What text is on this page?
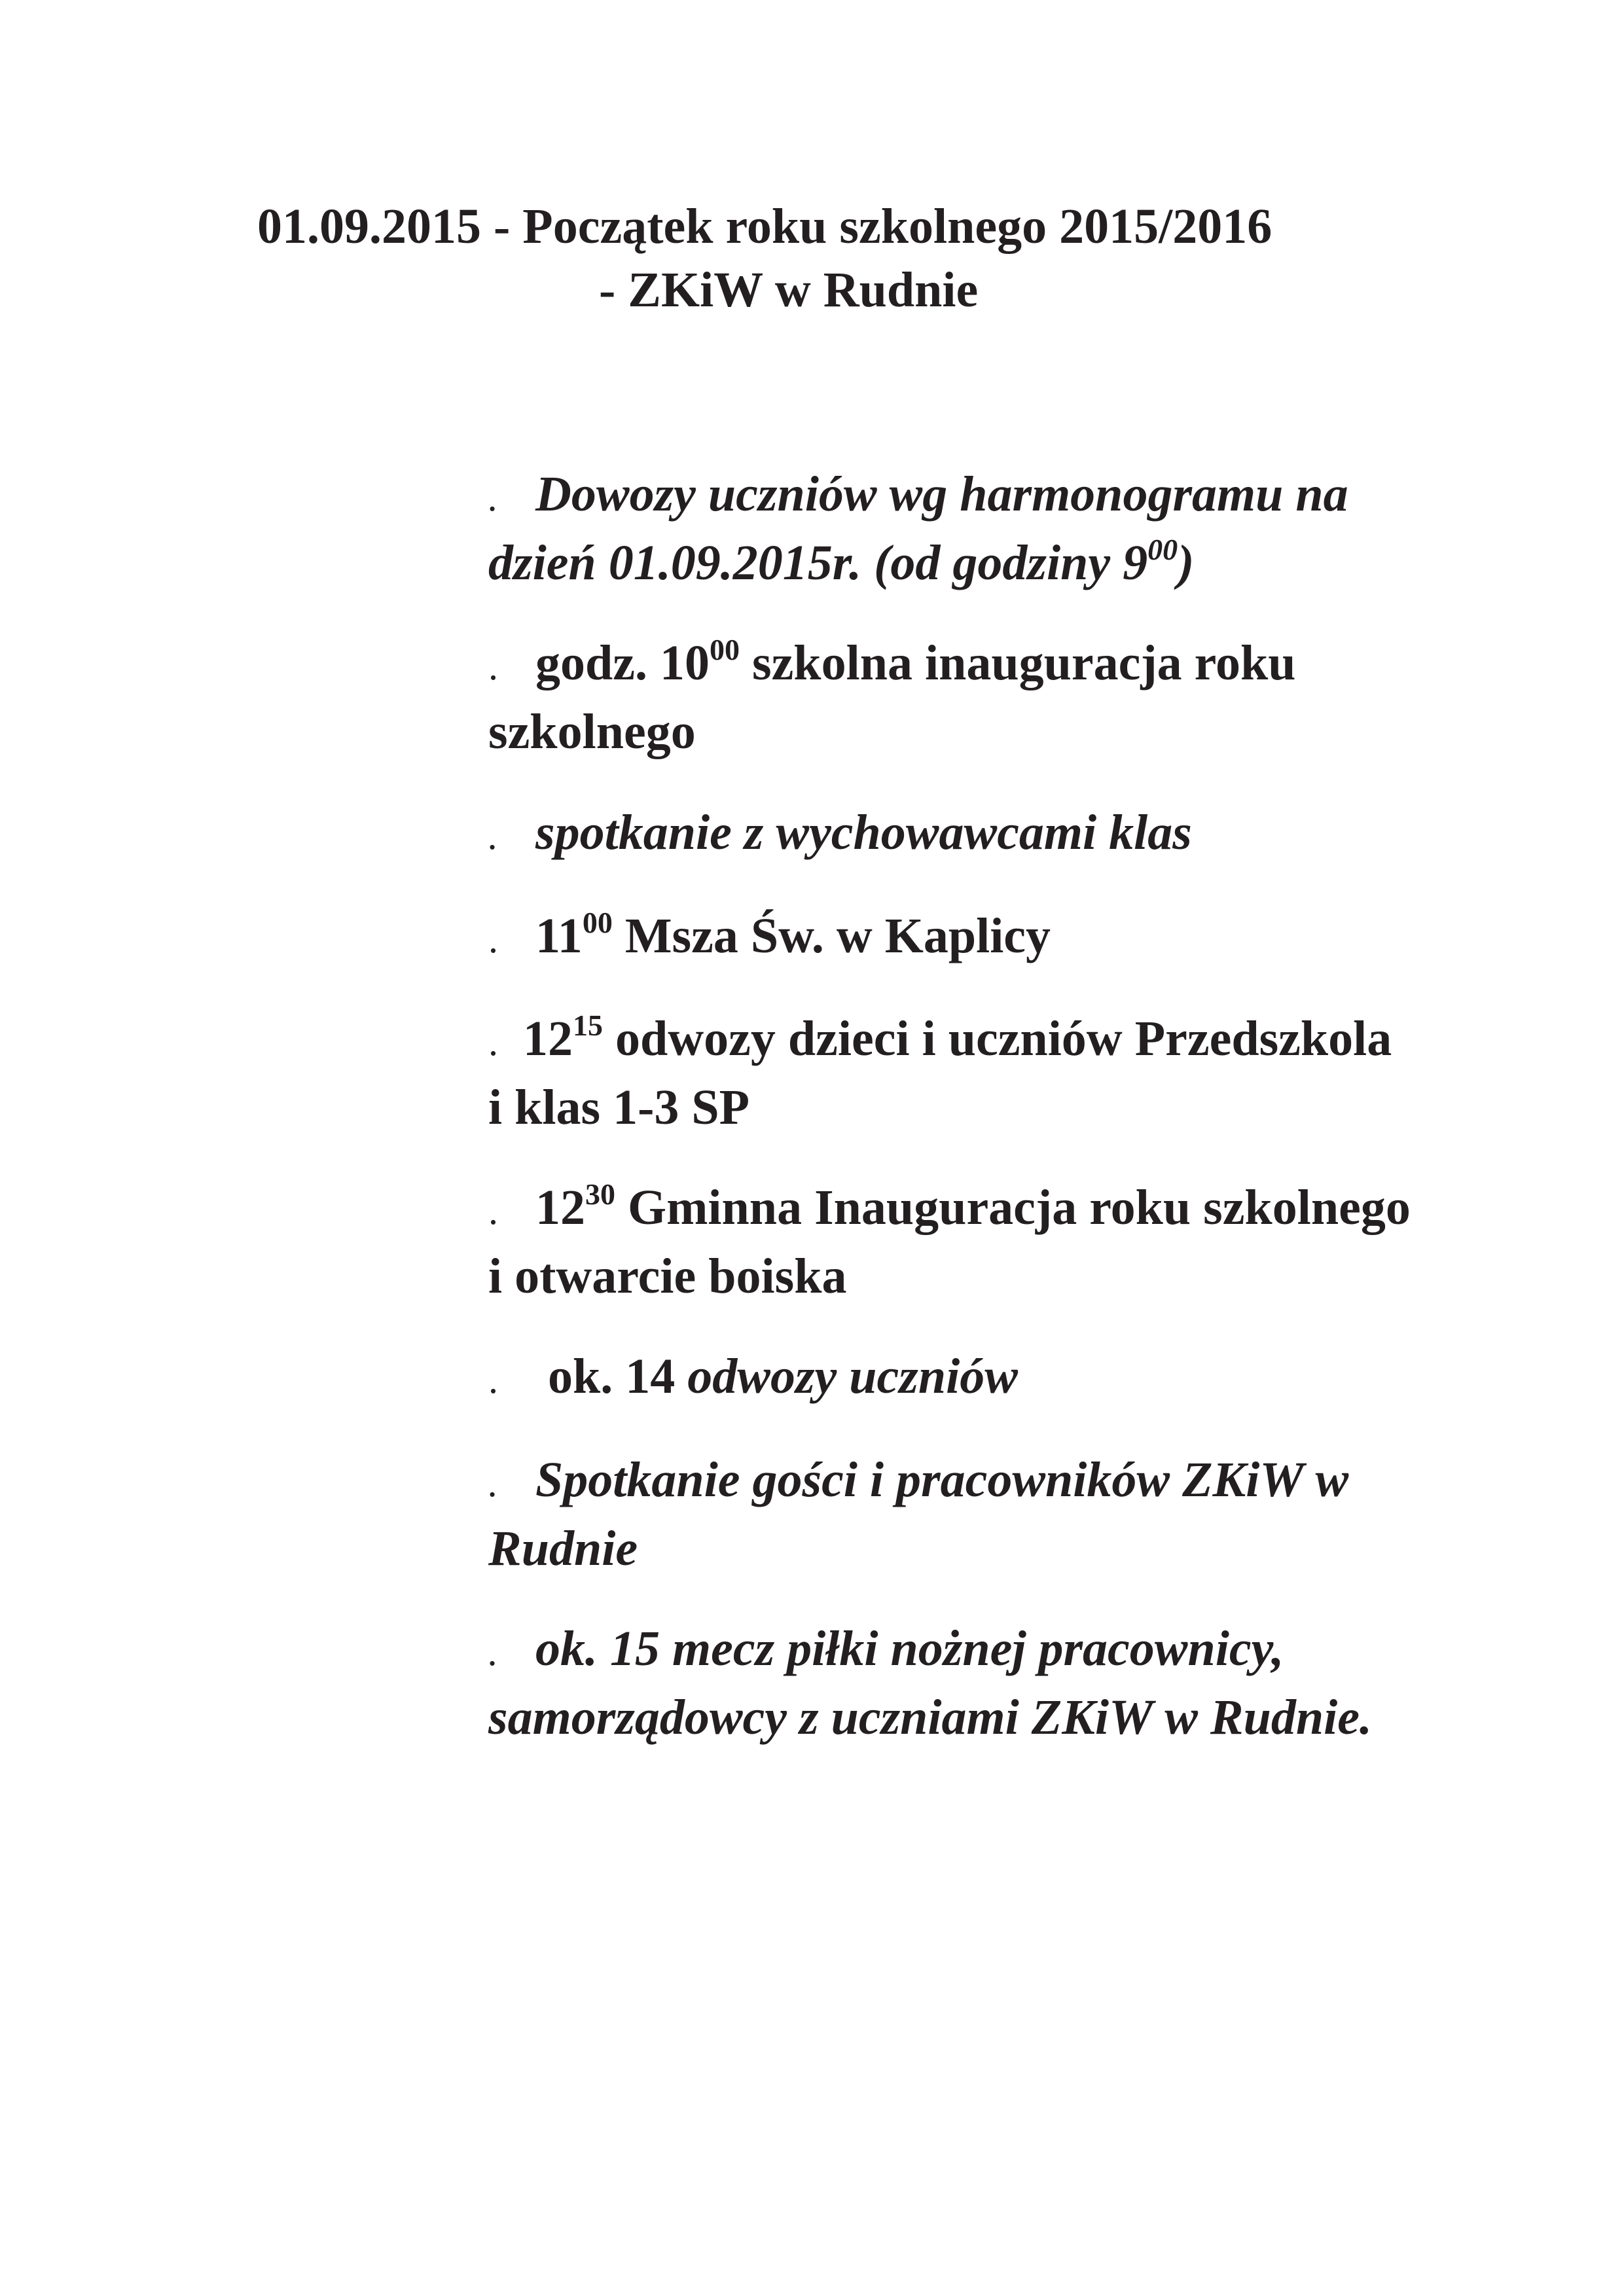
01.09.2015 - Początek roku szkolnego 2015/2016
- ZKiW w Rudnie

. Dowozy uczniów wg harmonogramu na dzień 01.09.2015r. (od godziny $9^{00}$)

. godz. $10^{00}$ szkolna inauguracja roku szkolnego

. spotkanie z wychowawcami klas

. $11^{00}$ Msza Św. w Kaplicy

. $12^{15}$ odwozy dzieci i uczniów Przedszkola i klas 1-3 SP

. $12^{30}$ Gminna Inauguracja roku szkolnego i otwarcie boiska

. ok. 14 odwozy uczniów

. Spotkanie gości i pracowników ZKiW w Rudnie

. ok. 15 mecz piłki nożnej pracownicy, samorządowcy z uczniami ZKiW w Rudnie.
